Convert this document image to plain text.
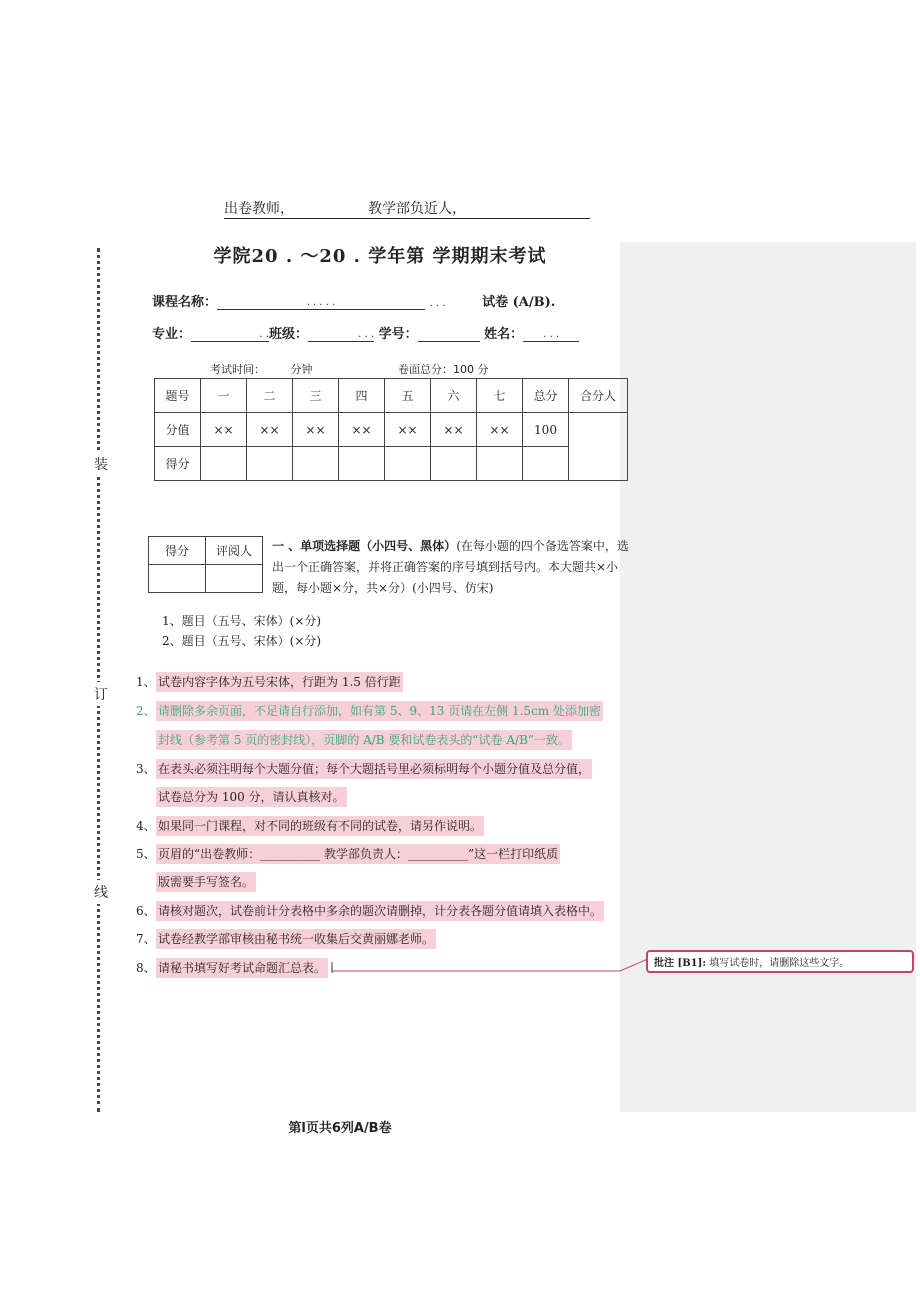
装
订
线
出卷教师，	教学部负近人，
学院20 . ～20 . 学年第 学期期末考试
课程名称：	. . . . .	. . .	试卷 (A/B).
专业：	. .班级：	. . . 学号：	姓名： . . .
考试时间： 分钟	卷面总分：100 分
题号	一	二	三	四	五	六	七	总分	合分人
分值	××	××	××	××	××	××	××	100	
得分									
得分	评阅人
	一 、单项选择题（小四号、黑体）(在每小题的四个备选答案中，选出一个正确答案，并将正确答案的序号填到括号内。本大题共×小题，每小题×分，共×分）(小四号、仿宋)
1、题目（五号、宋体）(×分)
2、题目（五号、宋体）(×分)
1、 试卷内容字体为五号宋体，行距为 1.5 倍行距
2、 请删除多余页面，不足请自行添加，如有第 5、9、13 页请在左侧 1.5cm 处添加密
封线（参考第 5 页的密封线），页脚的 A/B 要和试卷表头的“试卷 A/B”一致。
3、 在表头必须注明每个大题分值；每个大题括号里必须标明每个小题分值及总分值，
试卷总分为 100 分，请认真核对。
4、 如果同一门课程，对不同的班级有不同的试卷，请另作说明。
5、 页眉的“出卷教师：__________ 教学部负责人：__________”这一栏打印纸质
版需要手写签名。
6、 请核对题次，试卷前计分表格中多余的题次请删掉，计分表各题分值请填入表格中。
7、 试卷经教学部审核由秘书统一收集后交黄丽娜老师。
8、 请秘书填写好考试命题汇总表。	批注 [B1]: 填写试卷时，请删除这些文字。
第l页共6列A/B卷
